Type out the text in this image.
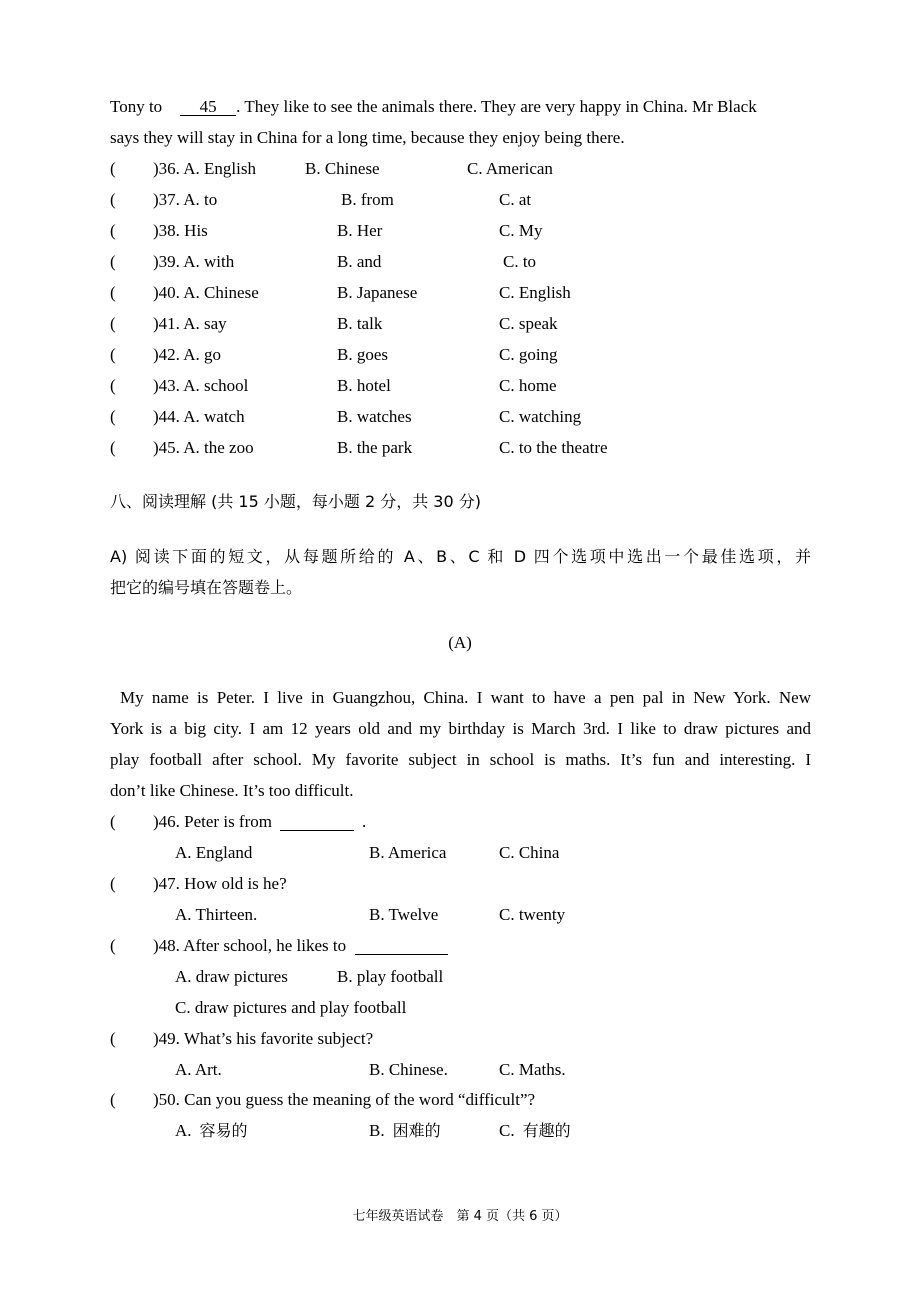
Tony to 45 . They like to see the animals there. They are very happy in China. Mr Black
says they will stay in China for a long time, because they enjoy being there.
( )36. A. English	B. Chinese	C. American
( )37. A. to	B. from	C. at
( )38. His	B. Her	C. My
( )39. A. with	B. and	C. to
( )40. A. Chinese	B. Japanese	C. English
( )41. A. say	B. talk	C. speak
( )42. A. go	B. goes	C. going
( )43. A. school	B. hotel	C. home
( )44. A. watch	B. watches	C. watching
( )45. A. the zoo	B. the park	C. to the theatre
八、阅读理解 (共 15 小题，每小题 2 分，共 30 分)
A) 阅读下面的短文，从每题所给的 A、B、C 和 D 四个选项中选出一个最佳选项，并
把它的编号填在答题卷上。
(A)
My name is Peter. I live in Guangzhou, China. I want to have a pen pal in New York. New
York is a big city. I am 12 years old and my birthday is March 3rd. I like to draw pictures and
play football after school. My favorite subject in school is maths. It’s fun and interesting. I
don’t like Chinese. It’s too difficult.
( )46. Peter is from	.
A. England	B. America	C. China
( )47. How old is he?
A. Thirteen.	B. Twelve	C. twenty
( )48. After school, he likes to
A. draw pictures	B. play football
C. draw pictures and play football
( )49. What’s his favorite subject?
A. Art.	B. Chinese.	C. Maths.
( )50. Can you guess the meaning of the word “difficult”?
A. 容易的	B. 困难的	C. 有趣的
七年级英语试卷　第 4 页（共 6 页）
